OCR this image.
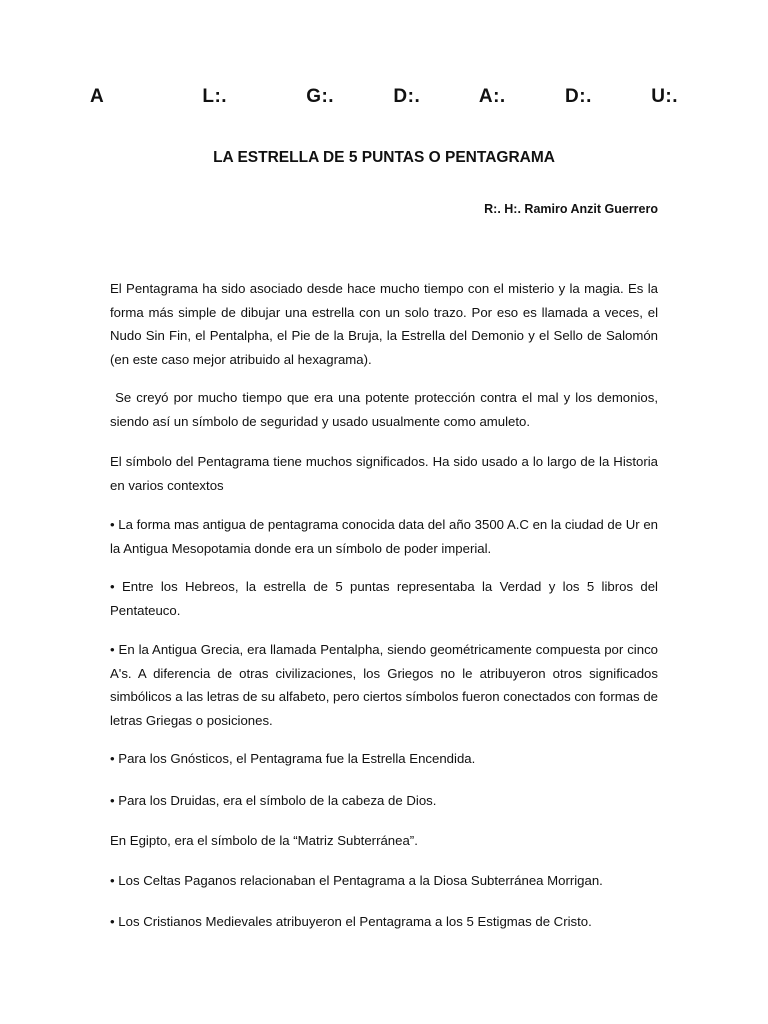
A     L:.    G:.   D:.   A:.   D:.   U:.
LA ESTRELLA DE 5 PUNTAS O PENTAGRAMA
R:. H:. Ramiro Anzit Guerrero

El Pentagrama ha sido asociado desde hace mucho tiempo con el misterio y la magia. Es la forma más simple de dibujar una estrella con un solo trazo. Por eso es llamada a veces, el Nudo Sin Fin, el Pentalpha, el Pie de la Bruja, la Estrella del Demonio y el Sello de Salomón (en este caso mejor atribuido al hexagrama).

Se creyó por mucho tiempo que era una potente protección contra el mal y los demonios, siendo así un símbolo de seguridad y usado usualmente como amuleto.

El símbolo del Pentagrama tiene muchos significados. Ha sido usado a lo largo de la Historia en varios contextos

• La forma mas antigua de pentagrama conocida data del año 3500 A.C en la ciudad de Ur en la Antigua Mesopotamia donde era un símbolo de poder imperial.

• Entre los Hebreos, la estrella de 5 puntas representaba la Verdad y los 5 libros del Pentateuco.

• En la Antigua Grecia, era llamada Pentalpha, siendo geométricamente compuesta por cinco A's. A diferencia de otras civilizaciones, los Griegos no le atribuyeron otros significados simbólicos a las letras de su alfabeto, pero ciertos símbolos fueron conectados con formas de letras Griegas o posiciones.

• Para los Gnósticos, el Pentagrama fue la Estrella Encendida.

• Para los Druidas, era el símbolo de la cabeza de Dios.

En Egipto, era el símbolo de la “Matriz Subterránea”.

• Los Celtas Paganos relacionaban el Pentagrama a la Diosa Subterránea Morrigan.

• Los Cristianos Medievales atribuyeron el Pentagrama a los 5 Estigmas de Cristo.
